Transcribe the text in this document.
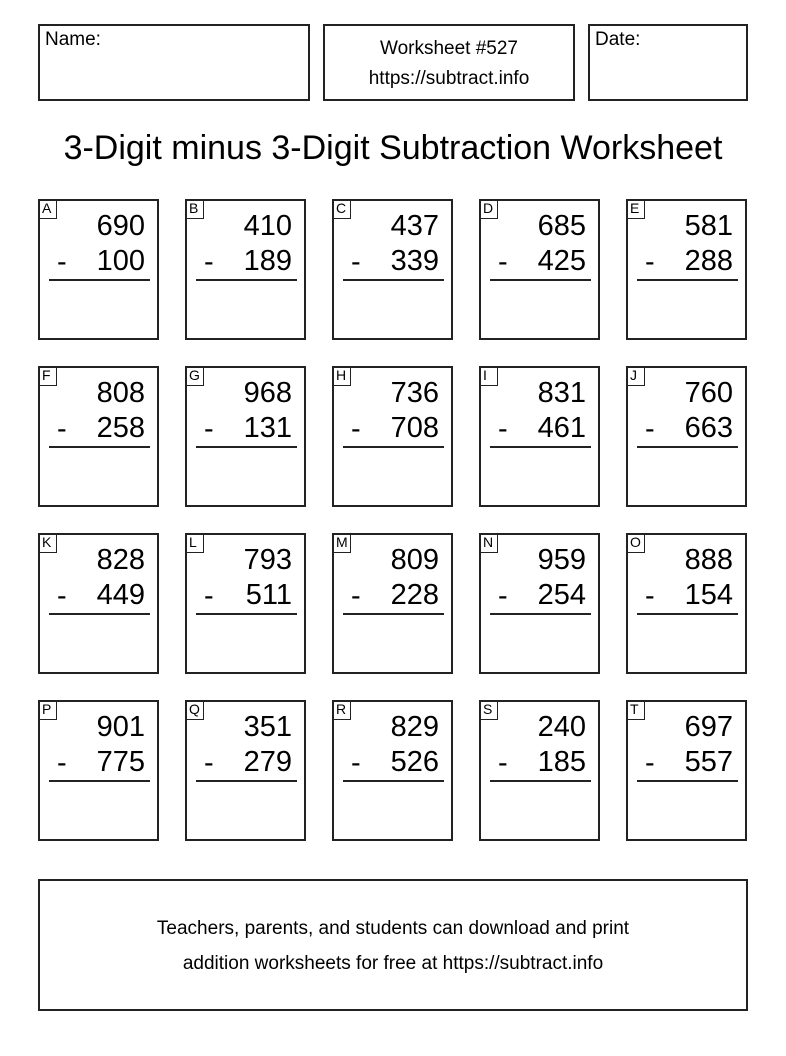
Name:	Worksheet #527
https://subtract.info
Date:
3-Digit minus 3-Digit Subtraction Worksheet
A
690
- 100
B
410
- 189
C
437
- 339
D
685
- 425
E
581
- 288
F
808
- 258
G
968
- 131
H
736
- 708
I
831
- 461
J
760
- 663
K
828
- 449
L
793
- 511
M
809
- 228
N
959
- 254
O
888
- 154
P
901
- 775
Q
351
- 279
R
829
- 526
S
240
- 185
T
697
- 557
Teachers, parents, and students can download and print
addition worksheets for free at https://subtract.info
